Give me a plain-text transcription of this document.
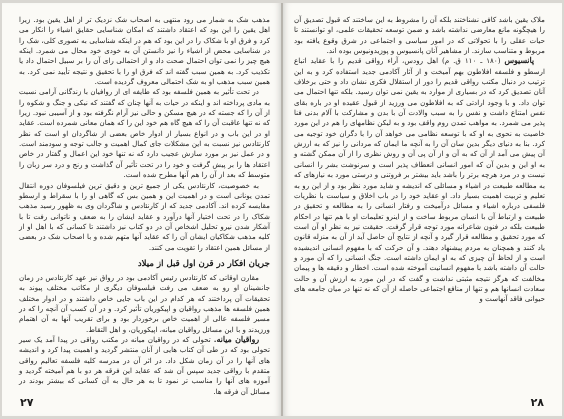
مذهب شک به شمار می رود منتهی به اصحاب شک نزدیک تر از اهل یقین بود. زیرا اهل یقین را این بود که اعتقاد داشتند که امکان شناسایی حقایق اشیاء را انکار می کرد و فرق او با شکاک را در این بود که هم در اینکه شناسایی به تصوری کلی، شک را در شناسایی محض از اشیاء را نیز دانستن آن به خودی خود محال می شمرد. اینکه هیچ چیز را نمی توان احتمال صحت داد و از احتمالی رای آن را بر سبیل احتمال داد یا تکذیب کرد. به همین سبب گفته اند که فرق او را با تحقیق و نتیجه تأیید نمی کرد. به همین سبب مذهب او به شک احتمالی معروف گردیده است.

در تحت تأثیر به همین فلسفه بود که طایفه ای از روافیان با زندگانی آرامی نسبت به مادی پرداخته اند و اینکه در حیات به آنها چنان که گفتند که نیکی و جنگ و شکوه را از آن را که جسته که در هیچ مسکن و حالی نیز آرام نگرفته بود و از آسیبی نبود. زیرا که نه تنها عاقبت آن را که هیچ گاه هم خود این را که همان معانی شمرده است. عقاید او در این باب و در انواع بسیار از ادوار خاص بعضی از شاگردان او است که نظر کارنئادس نیز نسبت به این مشکلات جای کمال اهمیت و جالب توجه و سودمند است. و در عمل نیز بر مورد سازش عجیب دارد که نه تنها خود این اعمال و گفتار در خاص اعتقاد ها را بر پیش گرفت و خود را در تحت تأثیر آن گذاشت و رنج و درد سر زبان را متوسط که بعد از آن را هم آنها مطرح شده است.

به خصوصیت، کارنئادس یکی از جمیع ترین و دقیق ترین فیلسوفان دوره انتقال تمدن یونانی است و در اهمیت این و همین بس که گاهی او را با سقراط و ارسطو مقایسه کرده اند. آکادمی جدید که از کارنئادس و شاگردان وی به ظهور رسید مذهب شکاک را در تحت اختیار آنها درآورد و عقاید ایشان را به ضعف و ناتوانی رفت تا با آشکار شدن نیرو تحلیل اشخاص آن در دو کتاب نیز داشتند تا کسانی که با اهل او از کلیه مذهب شکاکیان ایشان آن را که عقاید آنها متهم شده و با اصحاب شک در بعضی از مسائل همین اعتقاد را تقویت می کنند.

جریان افکار در قرن اول قبل از میلاد

مقارن اوقاتی که کارنئادس رئیس آکادمی بود در رواق نیز عهد کارنئادس در زمان جانشینان او رو به ضعف می رفت فیلسوفان دیگری از مکاتب مختلف پیوند به تحقیقات آن پرداختند که هر کدام در این باب جایی خاص داشتند و در ادوار مختلف همین فلسفه ها مذهب رواقیان و اپیکوریان تأثیر کرد. و در آن کسب آن آنچه را که در مسیر فلسفه عالی از اهمیت خاص برخوردار بود و برای تقریب آنها به آن اهتمام ورزیدند و با این مسائل رواقیان میانه، اپیکوریان، و اهل التقاط.

رواقیان میانه. تحولی که در رواقیان میانه در مکتب رواقی در پیدا آمد یک سیر تحولی بود که در طی آن کتاب هایی از آنان منتشر گردید و اهمیت پیدا کرد و اندیشه های آنها را در آن زمان شکل داد. در اثر آن در مدرسه کلیه فلسفه تعالیم رواقی متقدم با رواقی جدید سپس آن شد که عقاید این فرقه هر دو با هم آمیخته گردید و آموزه های آنها را مناسب تر نمود تا به هر حال به آن کسانی که بیشتر بودند در مسائل آن فرقه ها.

۲۷

ملاک یقین باشد کافی نشناختند بلکه آن را مشروط به این ساختند که قبول تصدیق آن را هیچگونه مانع معارضی نداشته باشد و ضمن توسعه تحقیقات علمی، او توانستند تا حیات عقلی را با تحولاتی که در امور سیاسی و اجتماعی در شرق وقوع یافته بود مربوط و متناسب سازند. از مشاهیر آنان پانسیوس و پوزیدونیوس بوده اند.

پانسیوس (۱۸۰ ـ ۱۱۰ ق. م) اهل رودس، آراء رواقی قدیم را با عقاید اتباع ارسطو و فلسفه افلاطون بهم آمیخت و از آثار آکادمی جدید استفاده کرد و به این ترتیب در دنبال مکتب رواقی قدیم را دور از استقلال فکری نشان داد و حتی برخلاف آنان تصدیق کرد که در بسیاری از موارد به یقین نمی توان رسید. بلکه تنها احتمال می توان داد. و با وجود ارادتی که به افلاطون می ورزید از قبول عقیده او در باره بقای نفس امتناع داشت و نفس را به سبب والادت آن با بدن و مشارکت با آلام بدنی فنا پذیر می شمرد. به مواهب تمدن روم واقف بود و به لیکن نظامهای را هم در این مورد خاصیت به نحوی به او که با توسعه نظامی می خواهد آن را با دگران خود توجیه می کرد. بنا به دنیای دیگر بدین سان آن را به آنچه ما ایمان که مردانی را نیز که به ارزش آن پیش می آمد از آن که به آن و از آن پی آن و روش نظری را از آن ممکن گشته و به او این و بدین آن که امور انسانی انعطاف پذیر است و سرنوشت بشر را انسانی نیست و در مرد هرچه برتر را باشد باید بیشتر بر فروتنی و درستی مورد به نیازهای که به مطالعه طبیعت در اشیاء و مسائلی که اندیشه و شاید مورد نظر بود و از این رو به تعلیم و تربیت اهمیت بسیار داد. او عقاید خود را در باب اخلاق و سیاست با نظریات فلسفی درباره اشیاء و مسائل درآمیخت و رفتار انسانی را به مطالعه و تحقیق در طبیعت و ارتباط آن با انسان مربوط ساخت و از اینرو تعلیمات او با هم تنها در احکام طبیعت بلکه در فنون شاعرانه مورد توجه قرار گرفت. حقیقت نیز به نظر او آن است که مورد تحقیق و مطالعه قرار گیرد و آنچه از نتایج آن حاصل آید از آن به منزله قانون یاد کنند و همچنان به مردم پیشنهاد دهند. و آن حرکت که با مفهوم انسانی اندیشیده است و از لحاظ آن چیزی که به او ایمان داشته است. جنگ انسانی را که آن مورد و حالت آن داشته باشد با مفهوم انسانیت آموخته شده است. اخطار و دقیقه ها و پیمان مخالفت که هرگز نتیجه مثبتی نداشت و گفت که در این مورد به ارزش آن و حالت سعادت انسانها هم و تنها از منافع اجتماعی حاصله از آن که نه تنها در میان جامعه های حیوانی فاقد آنهاست و

۲۸
